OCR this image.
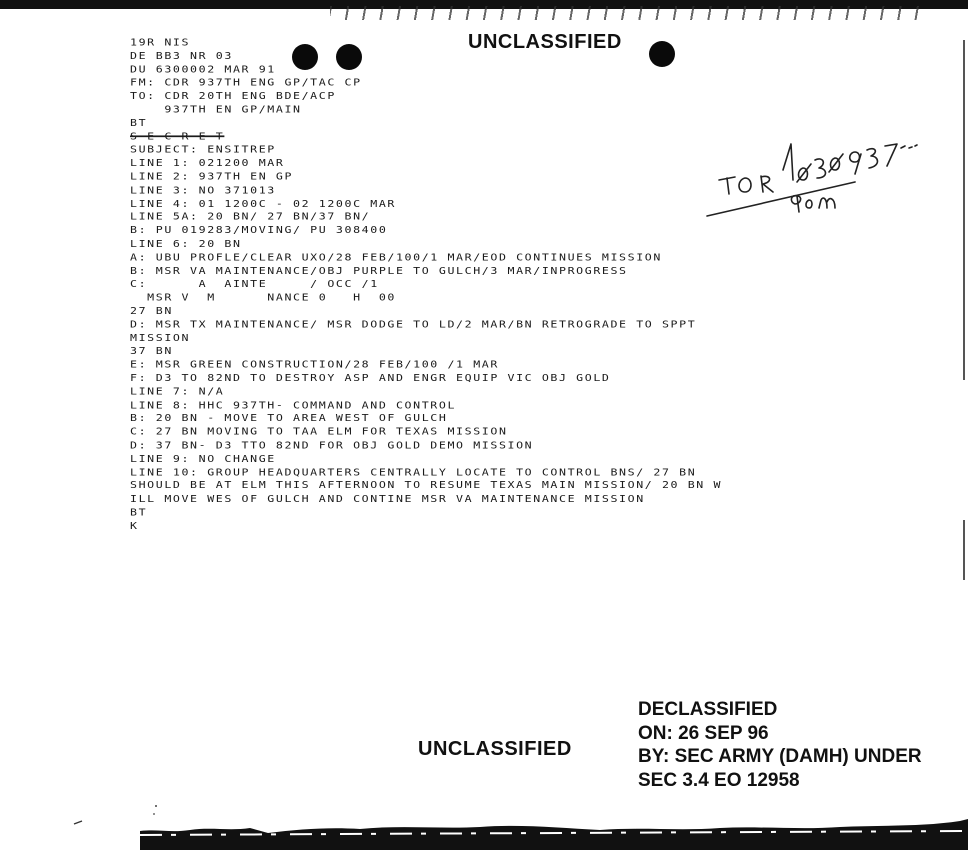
UNCLASSIFIED
19R NIS
DE BB3 NR 03
DU 6300002 MAR 91
FM: CDR 937TH ENG GP/TAC CP
TO: CDR 20TH ENG BDE/ACP
937TH EN GP/MAIN
BT
S E C R E T
SUBJECT: ENSITREP
LINE 1: 021200 MAR
LINE 2: 937TH EN GP
LINE 3: NO 371013
LINE 4: 01 1200C - 02 1200C MAR
LINE 5A: 20 BN/ 27 BN/37 BN/
B: PU 019283/MOVING/ PU 308400
LINE 6: 20 BN
A: UBU PROFLE/CLEAR UXO/28 FEB/100/1 MAR/EOD CONTINUES MISSION
B: MSR VA MAINTENANCE/OBJ PURPLE TO GULCH/3 MAR/INPROGRESS
C:      A  AINTE     / OCC /1
MSR V  M      NANCE 0   H  00
27 BN
D: MSR TX MAINTENANCE/ MSR DODGE TO LD/2 MAR/BN RETROGRADE TO SPPT
MISSION
37 BN
E: MSR GREEN CONSTRUCTION/28 FEB/100 /1 MAR
F: D3 TO 82ND TO DESTROY ASP AND ENGR EQUIP VIC OBJ GOLD
LINE 7: N/A
LINE 8: HHC 937TH- COMMAND AND CONTROL
B: 20 BN - MOVE TO AREA WEST OF GULCH
C: 27 BN MOVING TO TAA ELM FOR TEXAS MISSION
D: 37 BN- D3 TTO 82ND FOR OBJ GOLD DEMO MISSION
LINE 9: NO CHANGE
LINE 10: GROUP HEADQUARTERS CENTRALLY LOCATE TO CONTROL BNS/ 27 BN
SHOULD BE AT ELM THIS AFTERNOON TO RESUME TEXAS MAIN MISSION/ 20 BN W
ILL MOVE WES OF GULCH AND CONTINE MSR VA MAINTENANCE MISSION
BT
K
UNCLASSIFIED
DECLASSIFIED
ON: 26 SEP 96
BY: SEC ARMY (DAMH) UNDER
SEC 3.4 EO 12958
